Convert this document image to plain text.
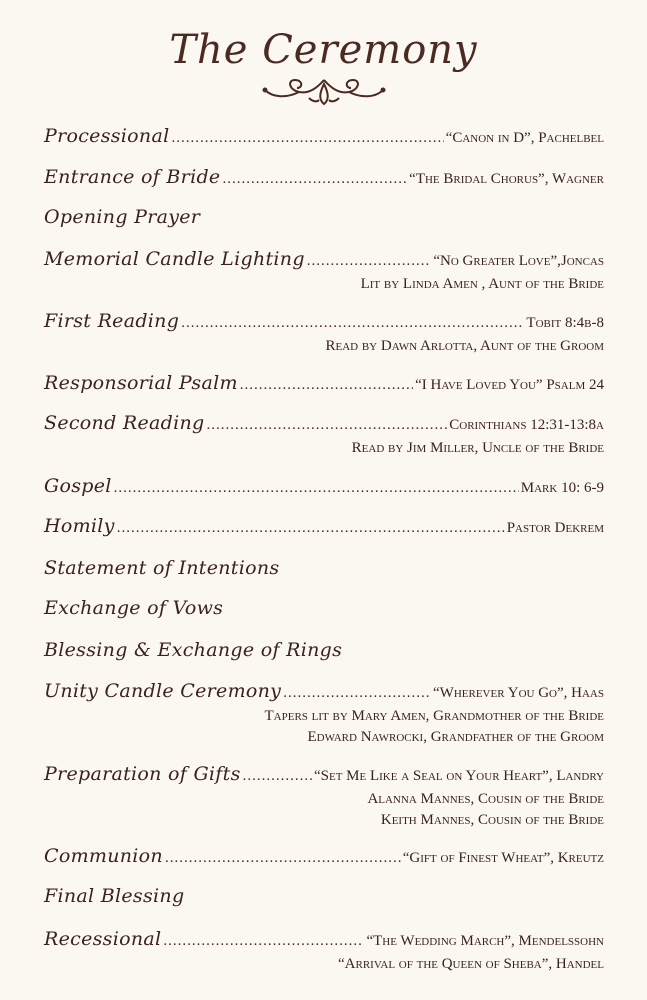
The Ceremony
Processional .....	“Canon in D”, Pachelbel
Entrance of Bride .....	“The Bridal Chorus”, Wagner
Opening Prayer
Memorial Candle Lighting .....	“No Greater Love”,Joncas
Lit by Linda Amen , Aunt of the Bride
First Reading .....	Tobit 8:4b-8
Read by Dawn Arlotta, Aunt of the Groom
Responsorial Psalm .....	“I Have Loved You” Psalm 24
Second Reading .....	Corinthians 12:31-13:8a
Read by Jim Miller, Uncle of the Bride
Gospel .....	Mark 10: 6-9
Homily .....	Pastor Dekrem
Statement of Intentions
Exchange of Vows
Blessing & Exchange of Rings
Unity Candle Ceremony .....	“Wherever You Go”, Haas
Tapers lit by Mary Amen, Grandmother of the Bride
Edward Nawrocki, Grandfather of the Groom
Preparation of Gifts .....	“Set Me Like a Seal on Your Heart”, Landry
Alanna Mannes, Cousin of the Bride
Keith Mannes, Cousin of the Bride
Communion .....	“Gift of Finest Wheat”, Kreutz
Final Blessing
Recessional .....	“The Wedding March”, Mendelssohn
“Arrival of the Queen of Sheba”, Handel
